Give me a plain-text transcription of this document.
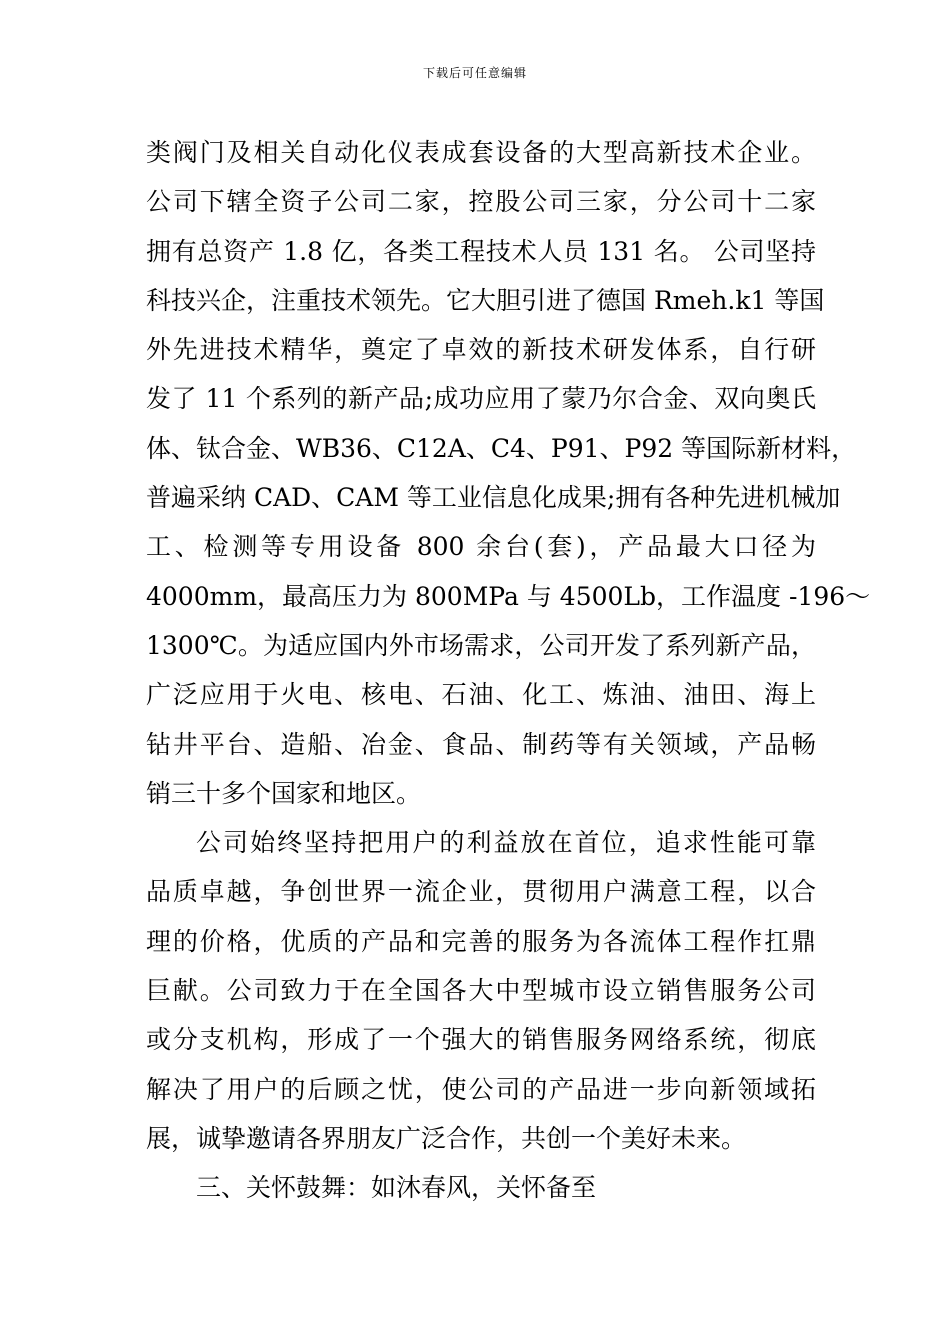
下载后可任意编辑
类阀门及相关自动化仪表成套设备的大型高新技术企业。
公司下辖全资子公司二家，控股公司三家，分公司十二家
拥有总资产 1.8 亿，各类工程技术人员 131 名。 公司坚持
科技兴企，注重技术领先。它大胆引进了德国 Rmeh.k1 等国
外先进技术精华，奠定了卓效的新技术研发体系，自行研
发了 11 个系列的新产品;成功应用了蒙乃尔合金、双向奥氏
体、钛合金、WB36、C12A、C4、P91、P92 等国际新材料，
普遍采纳 CAD、CAM 等工业信息化成果;拥有各种先进机械加
工、检测等专用设备 800 余台(套)，产品最大口径为
4000mm，最高压力为 800MPa 与 4500Lb，工作温度 -196～
1300℃。为适应国内外市场需求，公司开发了系列新产品，
广泛应用于火电、核电、石油、化工、炼油、油田、海上
钻井平台、造船、冶金、食品、制药等有关领域，产品畅
销三十多个国家和地区。
公司始终坚持把用户的利益放在首位，追求性能可靠
品质卓越，争创世界一流企业，贯彻用户满意工程，以合
理的价格，优质的产品和完善的服务为各流体工程作扛鼎
巨献。公司致力于在全国各大中型城市设立销售服务公司
或分支机构，形成了一个强大的销售服务网络系统，彻底
解决了用户的后顾之忧，使公司的产品进一步向新领域拓
展，诚挚邀请各界朋友广泛合作，共创一个美好未来。
三、关怀鼓舞：如沐春风，关怀备至
